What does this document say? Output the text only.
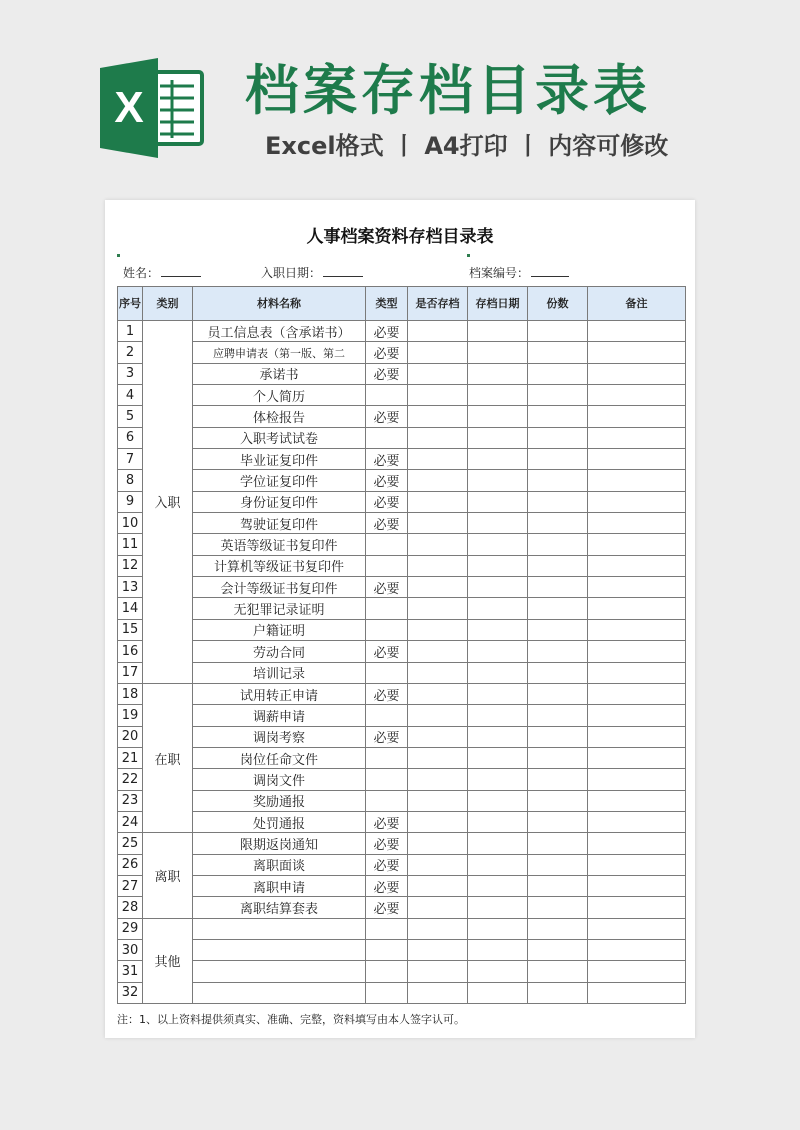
X 档案存档目录表
Excel格式 丨 A4打印 丨 内容可修改
人事档案资料存档目录表
姓名：	入职日期：	档案编号：
序号	类别	材料名称	类型	是否存档	存档日期	份数	备注
1	入职	员工信息表（含承诺书）	必要				
2		应聘申请表（第一版、第二	必要				
3		承诺书	必要				
4		个人简历					
5		体检报告	必要				
6		入职考试试卷					
7		毕业证复印件	必要				
8		学位证复印件	必要				
9		身份证复印件	必要				
10		驾驶证复印件	必要				
11		英语等级证书复印件					
12		计算机等级证书复印件					
13		会计等级证书复印件	必要				
14		无犯罪记录证明					
15		户籍证明					
16		劳动合同	必要				
17		培训记录					
18	在职	试用转正申请	必要				
19		调薪申请					
20		调岗考察	必要				
21		岗位任命文件					
22		调岗文件					
23		奖励通报					
24		处罚通报	必要				
25	离职	限期返岗通知	必要				
26		离职面谈	必要				
27		离职申请	必要				
28		离职结算套表	必要				
29	其他						
30							
31							
32							
注：1、以上资料提供须真实、准确、完整，资料填写由本人签字认可。
